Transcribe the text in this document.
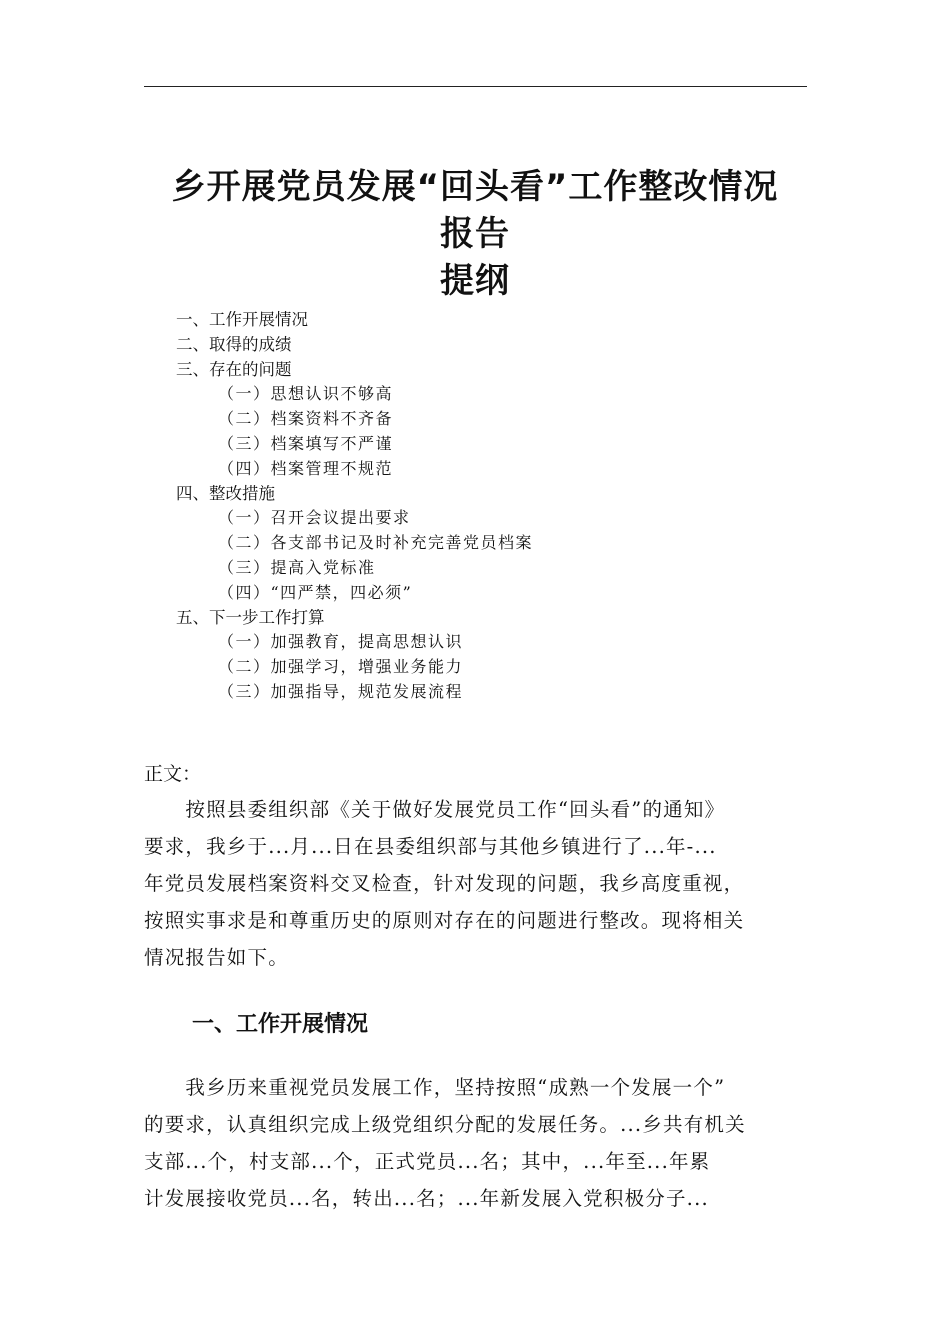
乡开展党员发展“回头看”工作整改情况
报告
提纲
一、工作开展情况
二、取得的成绩
三、存在的问题
（一）思想认识不够高
（二）档案资料不齐备
（三）档案填写不严谨
（四）档案管理不规范
四、整改措施
（一）召开会议提出要求
（二）各支部书记及时补充完善党员档案
（三）提高入党标准
（四）“四严禁，四必须”
五、下一步工作打算
（一）加强教育，提高思想认识
（二）加强学习，增强业务能力
（三）加强指导，规范发展流程
正文：
　　按照县委组织部《关于做好发展党员工作“回头看”的通知》
要求，我乡于...月...日在县委组织部与其他乡镇进行了...年-...
年党员发展档案资料交叉检查，针对发现的问题，我乡高度重视，
按照实事求是和尊重历史的原则对存在的问题进行整改。现将相关
情况报告如下。
一、工作开展情况
　　我乡历来重视党员发展工作，坚持按照“成熟一个发展一个”
的要求，认真组织完成上级党组织分配的发展任务。...乡共有机关
支部...个，村支部...个，正式党员...名；其中，...年至...年累
计发展接收党员...名，转出...名；...年新发展入党积极分子...
